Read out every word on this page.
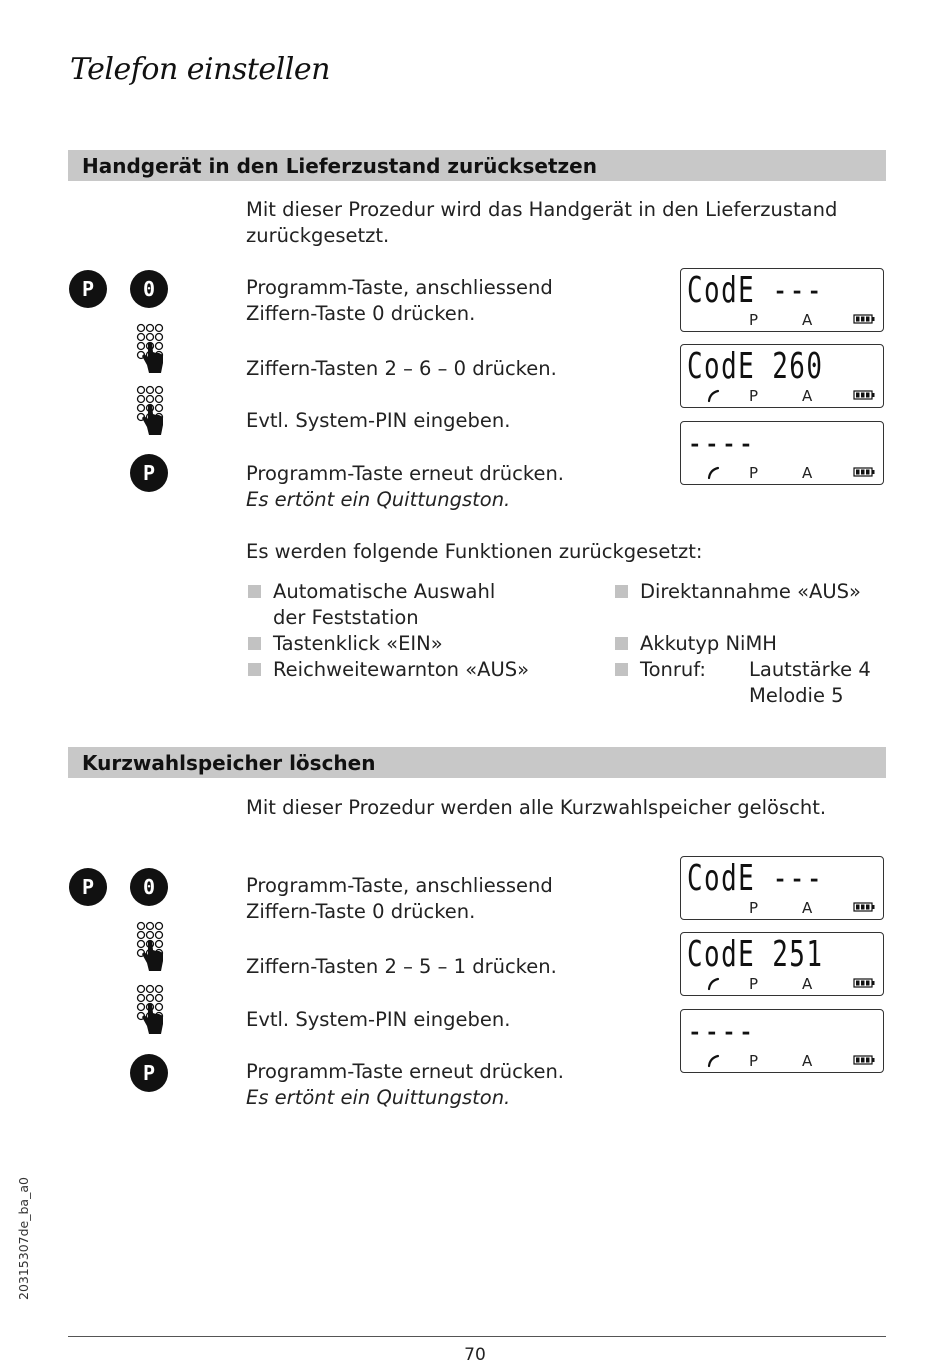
Telefon einstellen
Handgerät in den Lieferzustand zurücksetzen
Mit dieser Prozedur wird das Handgerät in den Lieferzustand
zurückgesetzt.
P 0
P
Programm-Taste, anschliessend
Ziffern-Taste 0 drücken.
Ziffern-Tasten 2 – 6 – 0 drücken.
Evtl. System-PIN eingeben.
Programm-Taste erneut drücken.
Es ertönt ein Quittungston.
CodE ---
P	A
CodE 260
P	A
----
P	A
Es werden folgende Funktionen zurückgesetzt:
Automatische Auswahl
der Feststation
Tastenklick «EIN»
Reichweitewarnton «AUS»
Direktannahme «AUS»
Akkutyp NiMH
Tonruf: Lautstärke 4
Melodie 5
Kurzwahlspeicher löschen
Mit dieser Prozedur werden alle Kurzwahlspeicher gelöscht.
P 0
P
Programm-Taste, anschliessend
Ziffern-Taste 0 drücken.
Ziffern-Tasten 2 – 5 – 1 drücken.
Evtl. System-PIN eingeben.
Programm-Taste erneut drücken.
Es ertönt ein Quittungston.
CodE ---
P	A
CodE 251
P	A
----
P	A
20315307de_ba_a0
70
